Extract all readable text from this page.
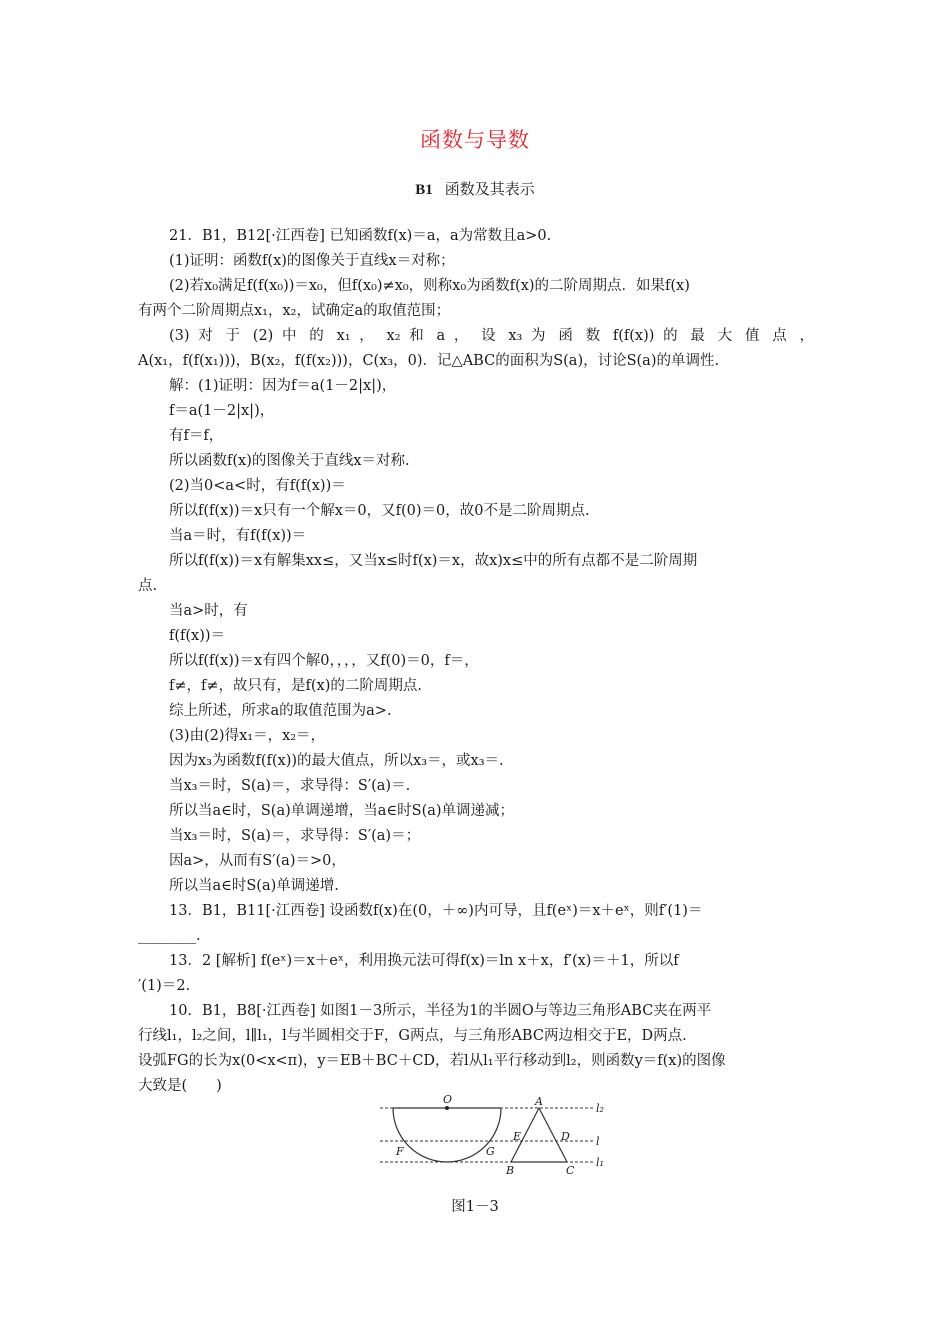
函数与导数
B1 函数及其表示
21．B1，B12[·江西卷] 已知函数f(x)＝a，a为常数且a>0.
(1)证明：函数f(x)的图像关于直线x＝对称；
(2)若x₀满足f(f(x₀))＝x₀，但f(x₀)≠x₀，则称x₀为函数f(x)的二阶周期点．如果f(x)
有两个二阶周期点x₁，x₂，试确定a的取值范围；
(3) 对 于 (2) 中 的 x₁ ， x₂ 和 a ， 设 x₃ 为 函 数 f(f(x)) 的 最 大 值 点 ，
A(x₁，f(f(x₁)))，B(x₂，f(f(x₂)))，C(x₃，0)．记△ABC的面积为S(a)，讨论S(a)的单调性.
解：(1)证明：因为f＝a(1－2|x|)，
f＝a(1－2|x|)，
有f＝f，
所以函数f(x)的图像关于直线x＝对称.
(2)当0<a<时，有f(f(x))＝
所以f(f(x))＝x只有一个解x＝0，又f(0)＝0，故0不是二阶周期点.
当a＝时，有f(f(x))＝
所以f(f(x))＝x有解集xx≤，又当x≤时f(x)＝x，故x)x≤中的所有点都不是二阶周期
点.
当a>时，有
f(f(x))＝
所以f(f(x))＝x有四个解0，，，，又f(0)＝0，f＝，
f≠，f≠，故只有，是f(x)的二阶周期点.
综上所述，所求a的取值范围为a>.
(3)由(2)得x₁＝，x₂＝，
因为x₃为函数f(f(x))的最大值点，所以x₃＝，或x₃＝.
当x₃＝时，S(a)＝，求导得：S′(a)＝.
所以当a∈时，S(a)单调递增，当a∈时S(a)单调递减；
当x₃＝时，S(a)＝，求导得：S′(a)＝；
因a>，从而有S′(a)＝>0，
所以当a∈时S(a)单调递增.
13．B1，B11[·江西卷] 设函数f(x)在(0，＋∞)内可导，且f(eˣ)＝x＋eˣ，则f′(1)＝
________.
13．2 [解析] f(eˣ)＝x＋eˣ，利用换元法可得f(x)＝ln x＋x，f′(x)＝＋1，所以f
′(1)＝2.
10．B1，B8[·江西卷] 如图1－3所示，半径为1的半圆O与等边三角形ABC夹在两平
行线l₁，l₂之间，l∥l₁，l与半圆相交于F，G两点，与三角形ABC两边相交于E，D两点.
设弧FG的长为x(0<x<π)，y＝EB＋BC＋CD，若l从l₁平行移动到l₂，则函数y＝f(x)的图像
大致是(　　)
O	A
E	D
F	G
B	C
l₂
l
l₁
图1－3
